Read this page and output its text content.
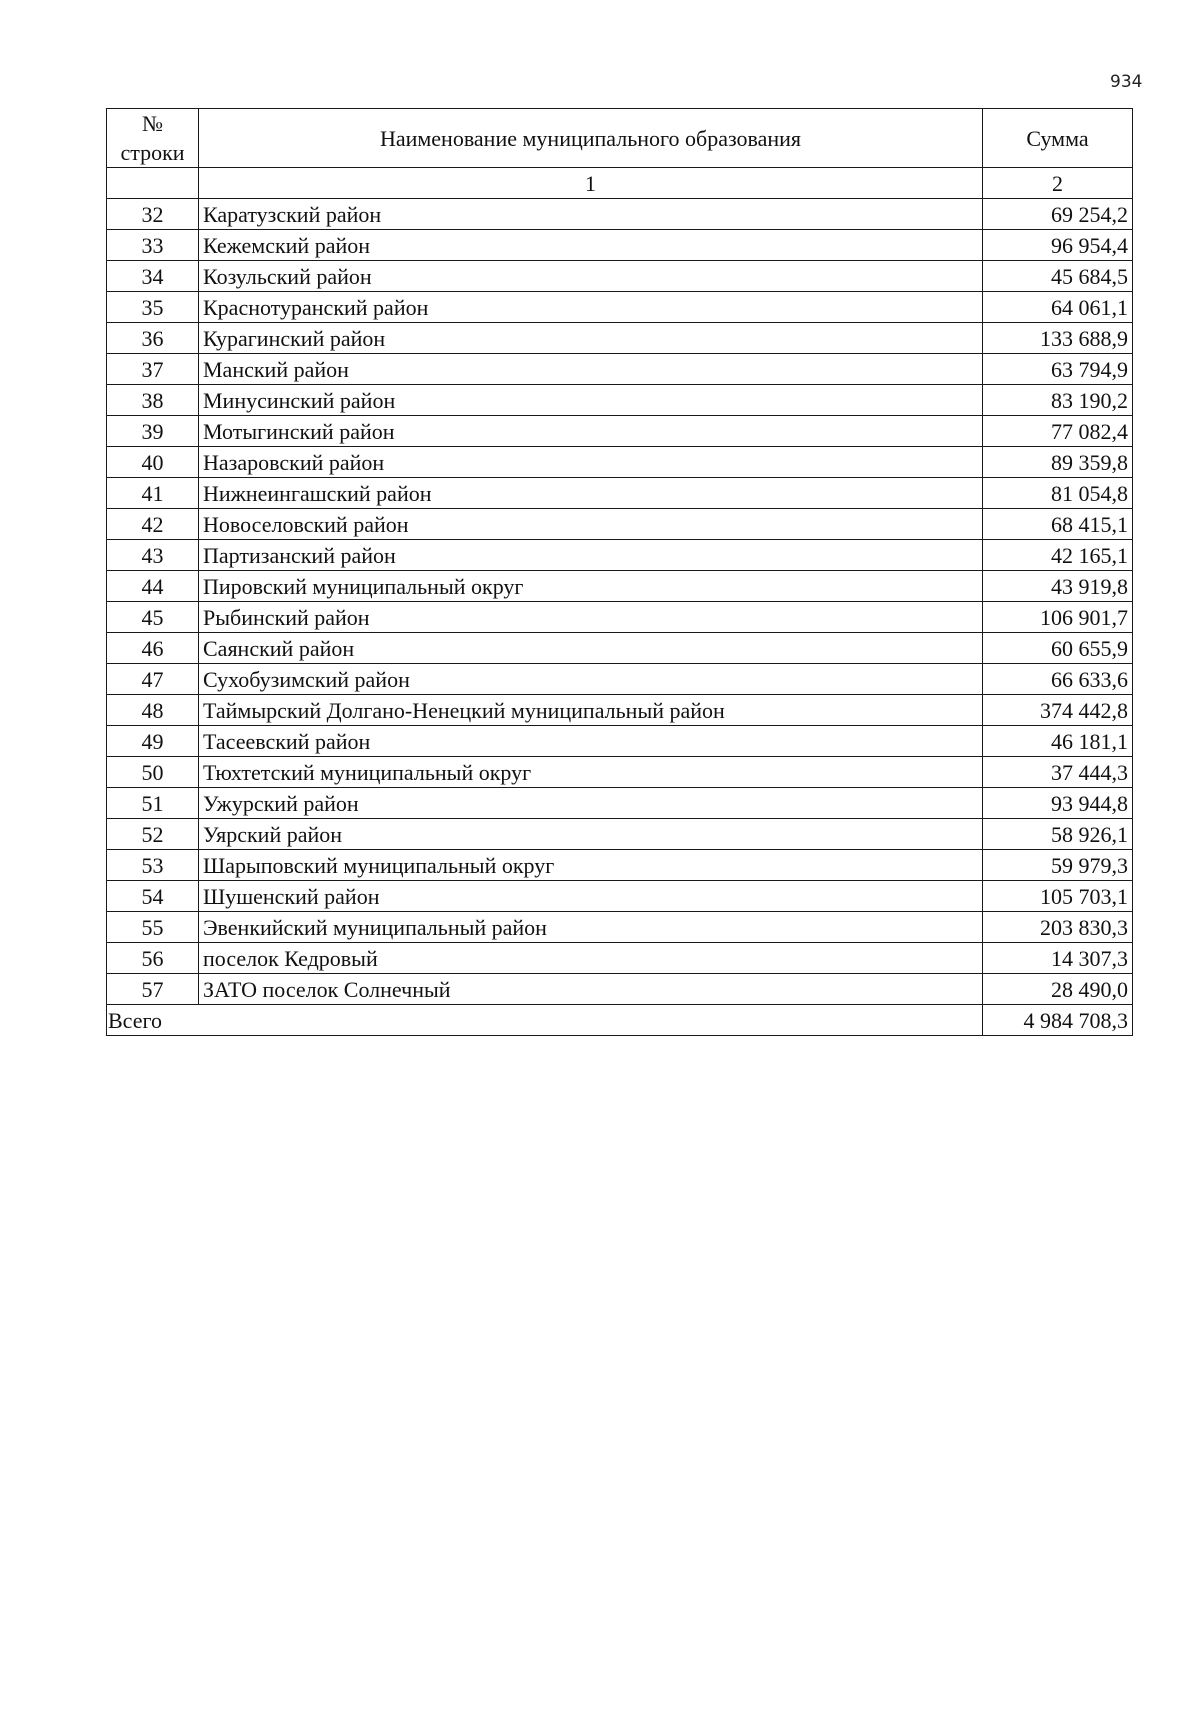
934
№
строки	Наименование муниципального образования	Сумма
	1	2
32	Каратузский район	69 254,2
33	Кежемский район	96 954,4
34	Козульский район	45 684,5
35	Краснотуранский район	64 061,1
36	Курагинский район	133 688,9
37	Манский район	63 794,9
38	Минусинский район	83 190,2
39	Мотыгинский район	77 082,4
40	Назаровский район	89 359,8
41	Нижнеингашский район	81 054,8
42	Новоселовский район	68 415,1
43	Партизанский район	42 165,1
44	Пировский муниципальный округ	43 919,8
45	Рыбинский район	106 901,7
46	Саянский район	60 655,9
47	Сухобузимский район	66 633,6
48	Таймырский Долгано-Ненецкий муниципальный район	374 442,8
49	Тасеевский район	46 181,1
50	Тюхтетский муниципальный округ	37 444,3
51	Ужурский район	93 944,8
52	Уярский район	58 926,1
53	Шарыповский муниципальный округ	59 979,3
54	Шушенский район	105 703,1
55	Эвенкийский муниципальный район	203 830,3
56	поселок Кедровый	14 307,3
57	ЗАТО поселок Солнечный	28 490,0
Всего		4 984 708,3
